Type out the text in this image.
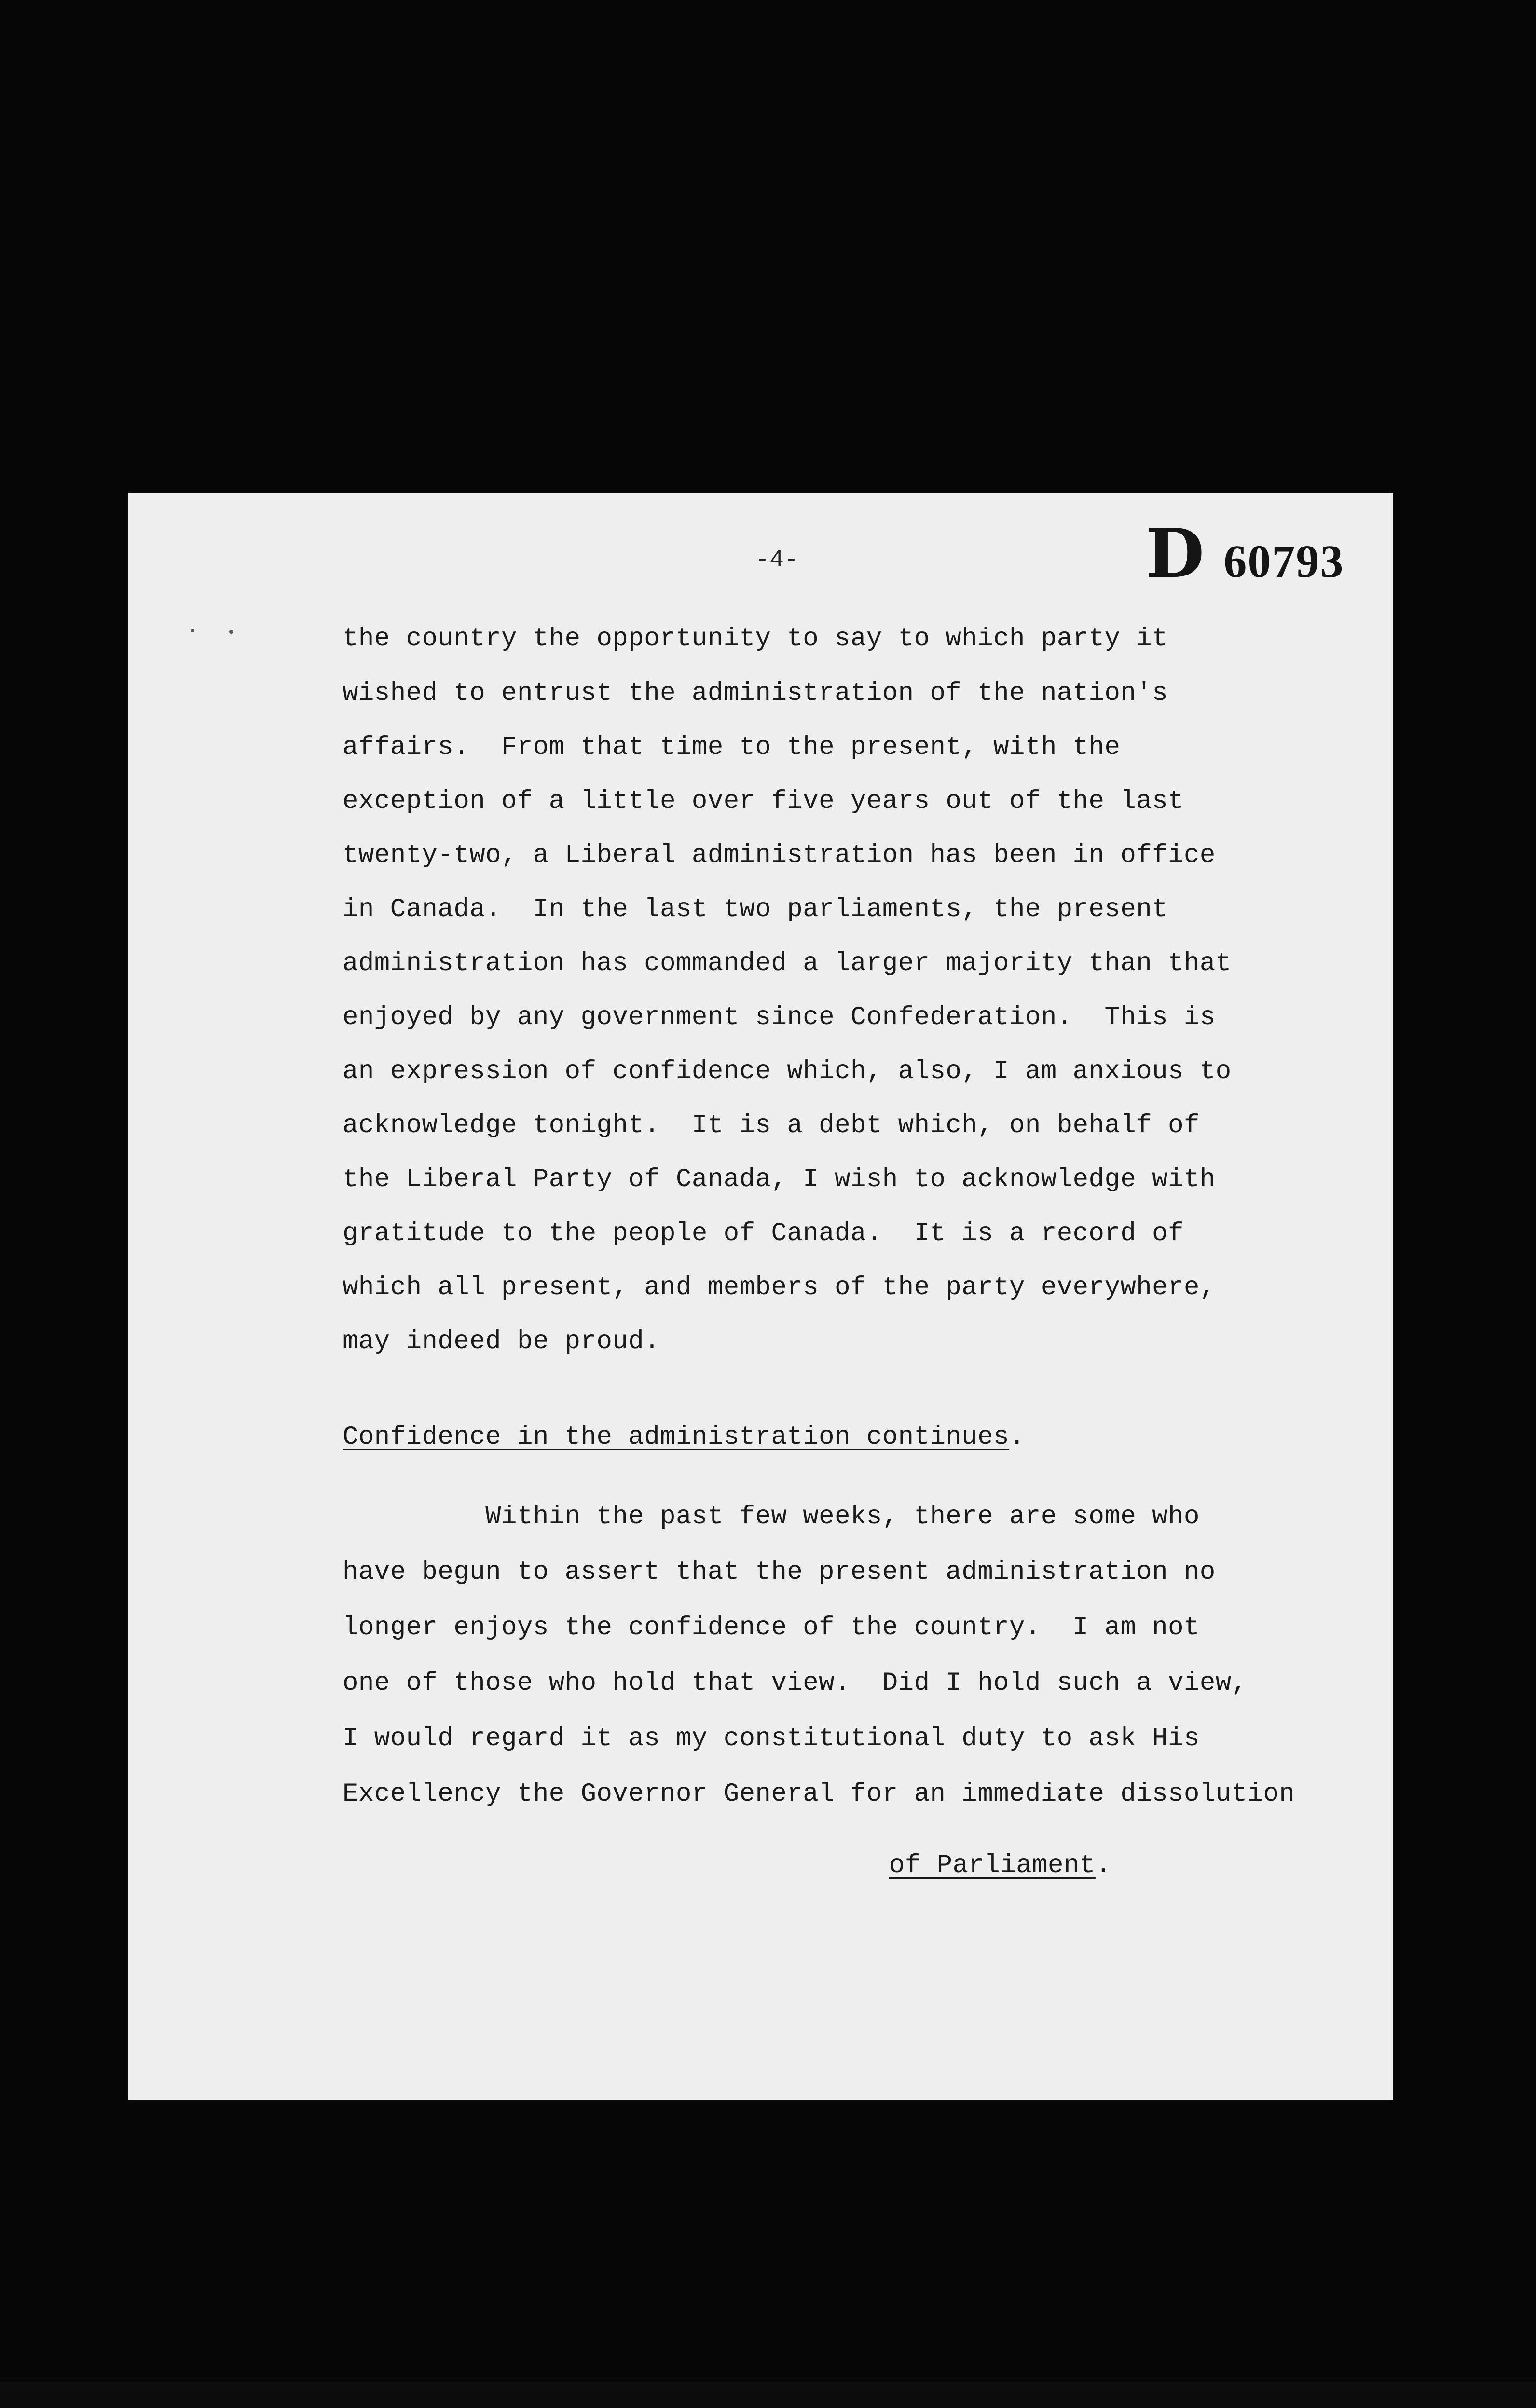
-4-	D 60793
the country the opportunity to say to which party it
wished to entrust the administration of the nation's
affairs.  From that time to the present, with the
exception of a little over five years out of the last
twenty-two, a Liberal administration has been in office
in Canada.  In the last two parliaments, the present
administration has commanded a larger majority than that
enjoyed by any government since Confederation.  This is
an expression of confidence which, also, I am anxious to
acknowledge tonight.  It is a debt which, on behalf of
the Liberal Party of Canada, I wish to acknowledge with
gratitude to the people of Canada.  It is a record of
which all present, and members of the party everywhere,
may indeed be proud.
Confidence in the administration continues.
Within the past few weeks, there are some who
have begun to assert that the present administration no
longer enjoys the confidence of the country.  I am not
one of those who hold that view.  Did I hold such a view,
I would regard it as my constitutional duty to ask His
Excellency the Governor General for an immediate dissolution
of Parliament.
